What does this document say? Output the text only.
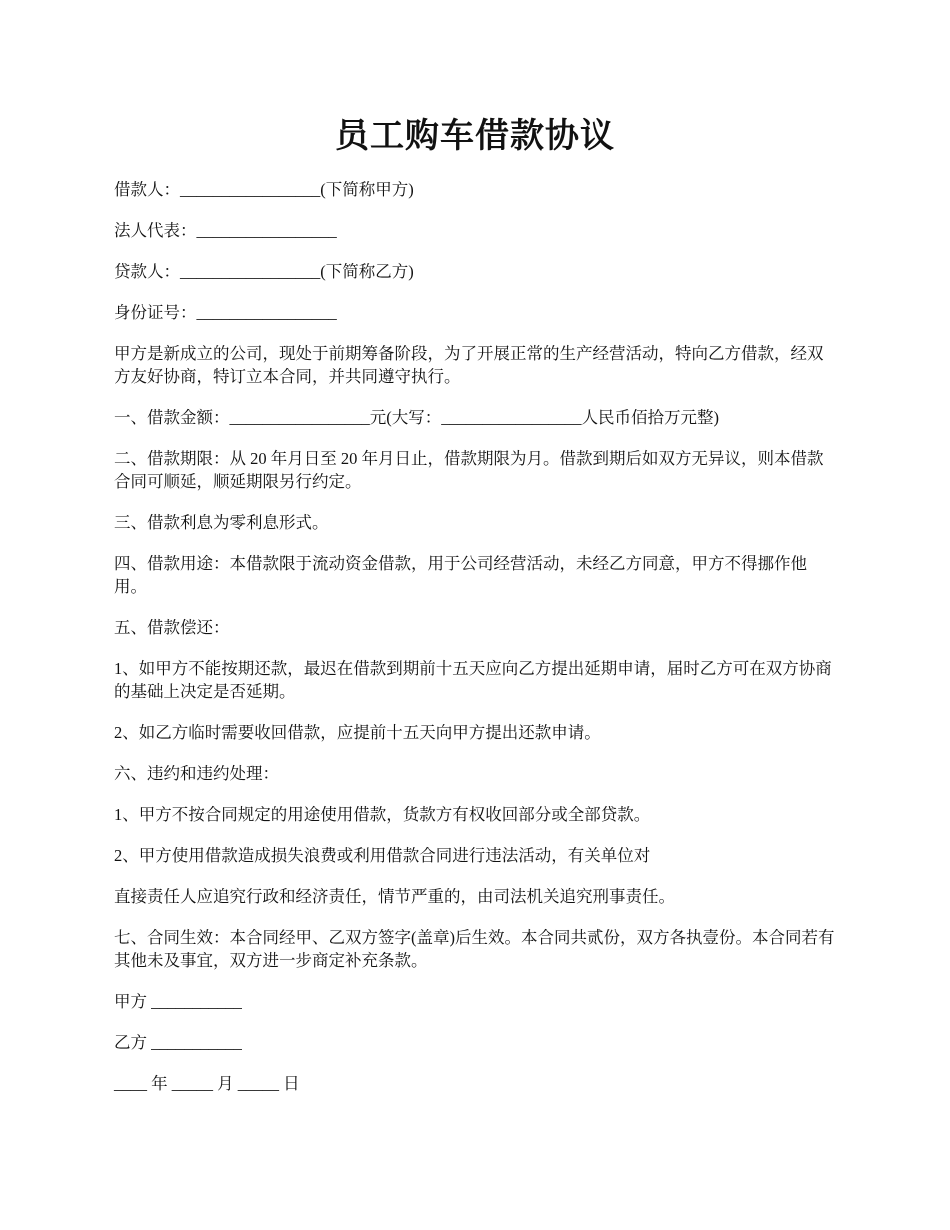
员工购车借款协议

借款人：_________________(下简称甲方)

法人代表：_________________

贷款人：_________________(下简称乙方)

身份证号：_________________

甲方是新成立的公司，现处于前期筹备阶段，为了开展正常的生产经营活动，特向乙方借款，经双方友好协商，特订立本合同，并共同遵守执行。

一、借款金额：_________________元(大写：_________________人民币佰拾万元整)

二、借款期限：从 20 年月日至 20 年月日止，借款期限为月。借款到期后如双方无异议，则本借款合同可顺延，顺延期限另行约定。

三、借款利息为零利息形式。

四、借款用途：本借款限于流动资金借款，用于公司经营活动，未经乙方同意，甲方不得挪作他用。

五、借款偿还：

1、如甲方不能按期还款，最迟在借款到期前十五天应向乙方提出延期申请，届时乙方可在双方协商的基础上决定是否延期。

2、如乙方临时需要收回借款，应提前十五天向甲方提出还款申请。

六、违约和违约处理：

1、甲方不按合同规定的用途使用借款，货款方有权收回部分或全部贷款。

2、甲方使用借款造成损失浪费或利用借款合同进行违法活动，有关单位对

直接责任人应追究行政和经济责任，情节严重的，由司法机关追究刑事责任。

七、合同生效：本合同经甲、乙双方签字(盖章)后生效。本合同共贰份，双方各执壹份。本合同若有其他未及事宜，双方进一步商定补充条款。

甲方 ___________

乙方 ___________

____ 年 _____ 月 _____ 日
